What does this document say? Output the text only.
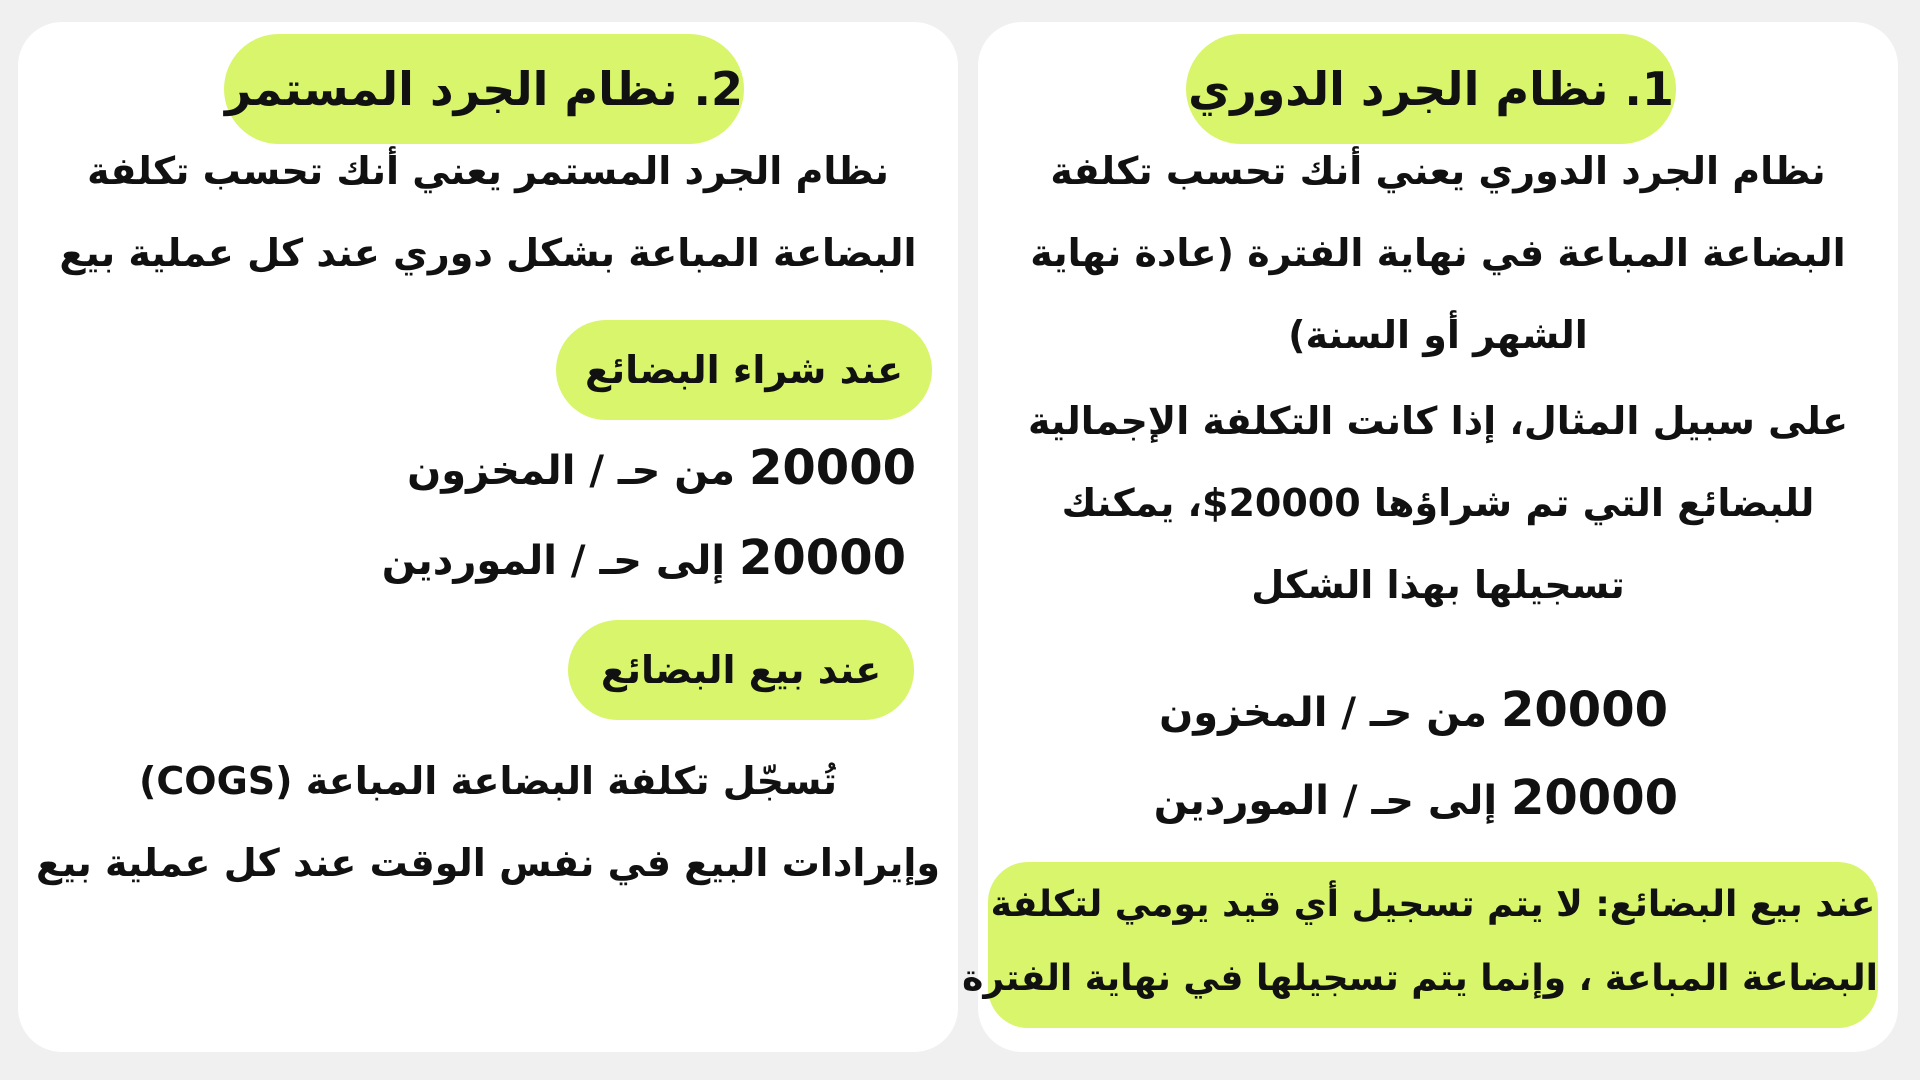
1. نظام الجرد الدوري
نظام الجرد الدوري يعني أنك تحسب تكلفة
البضاعة المباعة في نهاية الفترة (عادة نهاية
الشهر أو السنة)
على سبيل المثال، إذا كانت التكلفة الإجمالية
للبضائع التي تم شراؤها 20000$، يمكنك
تسجيلها بهذا الشكل
20000 من حـ / المخزون
20000 إلى حـ / الموردين
عند بيع البضائع: لا يتم تسجيل أي قيد يومي لتكلفة
البضاعة المباعة ، وإنما يتم تسجيلها في نهاية الفترة
2. نظام الجرد المستمر
نظام الجرد المستمر يعني أنك تحسب تكلفة
البضاعة المباعة بشكل دوري عند كل عملية بيع
عند شراء البضائع
20000 من حـ / المخزون
20000 إلى حـ / الموردين
عند بيع البضائع
تُسجّل تكلفة البضاعة المباعة (COGS)
وإيرادات البيع في نفس الوقت عند كل عملية بيع
